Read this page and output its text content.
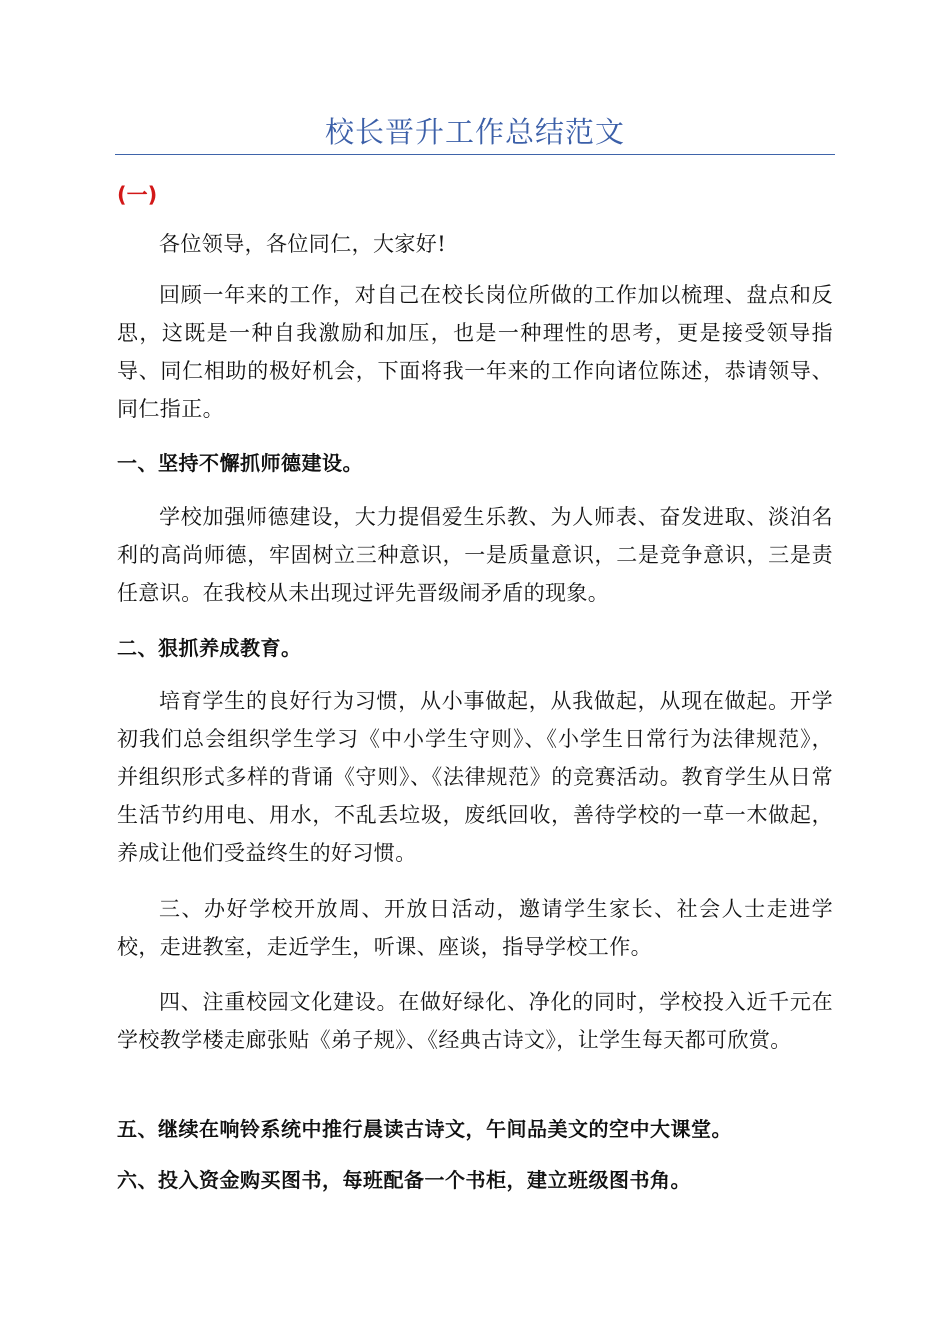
校长晋升工作总结范文
(一)
各位领导，各位同仁，大家好!
回顾一年来的工作，对自己在校长岗位所做的工作加以梳理、盘点和反思，这既是一种自我激励和加压，也是一种理性的思考，更是接受领导指导、同仁相助的极好机会，下面将我一年来的工作向诸位陈述，恭请领导、同仁指正。
一、坚持不懈抓师德建设。
学校加强师德建设，大力提倡爱生乐教、为人师表、奋发进取、淡泊名利的高尚师德，牢固树立三种意识，一是质量意识，二是竞争意识，三是责任意识。在我校从未出现过评先晋级闹矛盾的现象。
二、狠抓养成教育。
培育学生的良好行为习惯，从小事做起，从我做起，从现在做起。开学初我们总会组织学生学习《中小学生守则》、《小学生日常行为法律规范》，并组织形式多样的背诵《守则》、《法律规范》的竞赛活动。教育学生从日常生活节约用电、用水，不乱丢垃圾，废纸回收，善待学校的一草一木做起，养成让他们受益终生的好习惯。
三、办好学校开放周、开放日活动，邀请学生家长、社会人士走进学校，走进教室，走近学生，听课、座谈，指导学校工作。
四、注重校园文化建设。在做好绿化、净化的同时，学校投入近千元在学校教学楼走廊张贴《弟子规》、《经典古诗文》，让学生每天都可欣赏。
五、继续在响铃系统中推行晨读古诗文，午间品美文的空中大课堂。
六、投入资金购买图书，每班配备一个书柜，建立班级图书角。
